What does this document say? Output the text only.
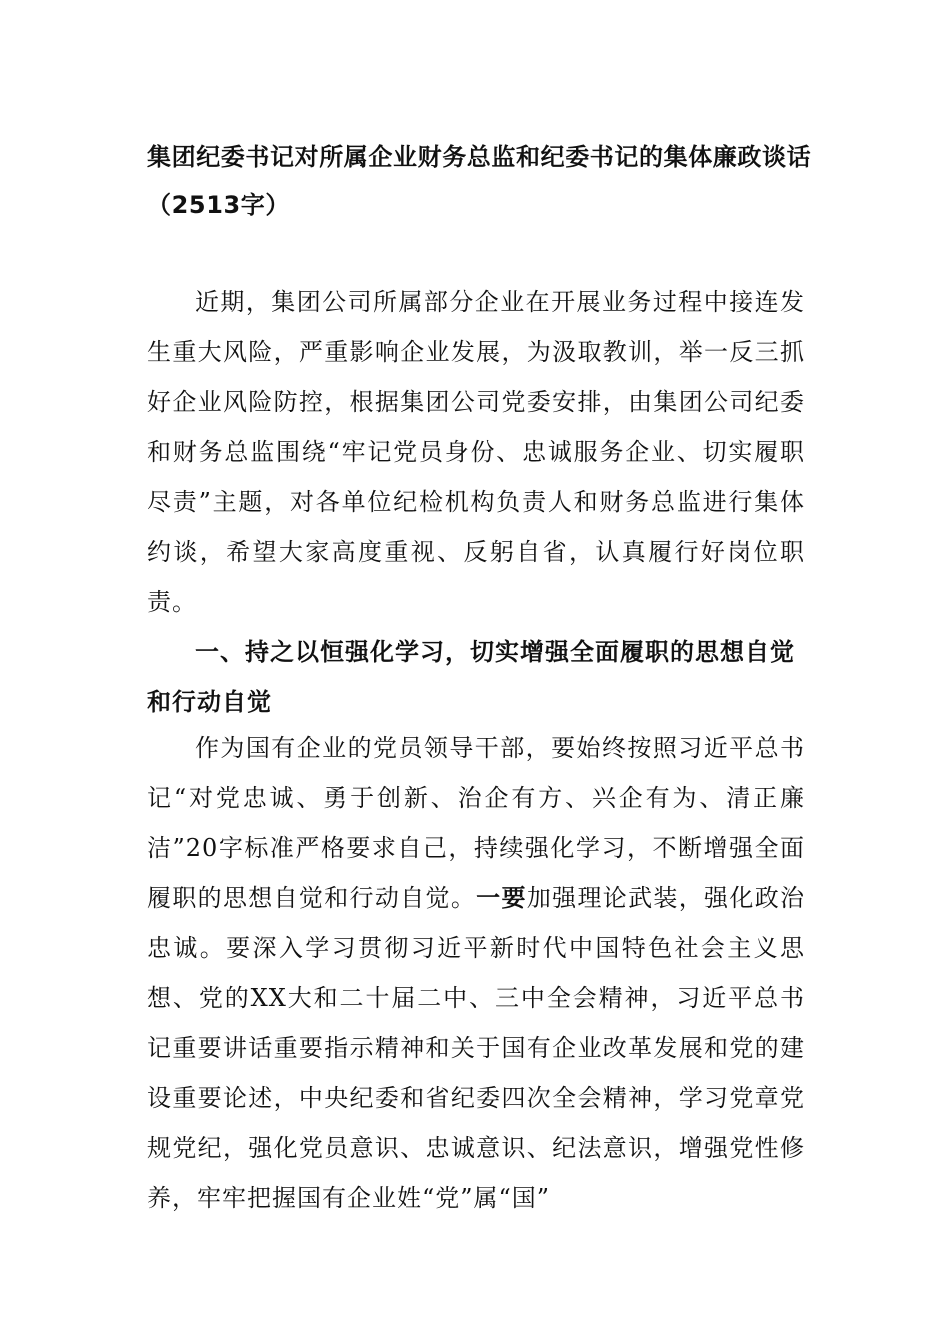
集团纪委书记对所属企业财务总监和纪委书记的集体廉政谈话（2513字）

近期，集团公司所属部分企业在开展业务过程中接连发生重大风险，严重影响企业发展，为汲取教训，举一反三抓好企业风险防控，根据集团公司党委安排，由集团公司纪委和财务总监围绕“牢记党员身份、忠诚服务企业、切实履职尽责”主题，对各单位纪检机构负责人和财务总监进行集体约谈，希望大家高度重视、反躬自省，认真履行好岗位职责。

一、持之以恒强化学习，切实增强全面履职的思想自觉和行动自觉

作为国有企业的党员领导干部，要始终按照习近平总书记“对党忠诚、勇于创新、治企有方、兴企有为、清正廉洁”20字标准严格要求自己，持续强化学习，不断增强全面履职的思想自觉和行动自觉。一要加强理论武装，强化政治忠诚。要深入学习贯彻习近平新时代中国特色社会主义思想、党的XX大和二十届二中、三中全会精神，习近平总书记重要讲话重要指示精神和关于国有企业改革发展和党的建设重要论述，中央纪委和省纪委四次全会精神，学习党章党规党纪，强化党员意识、忠诚意识、纪法意识，增强党性修养，牢牢把握国有企业姓“党”属“国”
